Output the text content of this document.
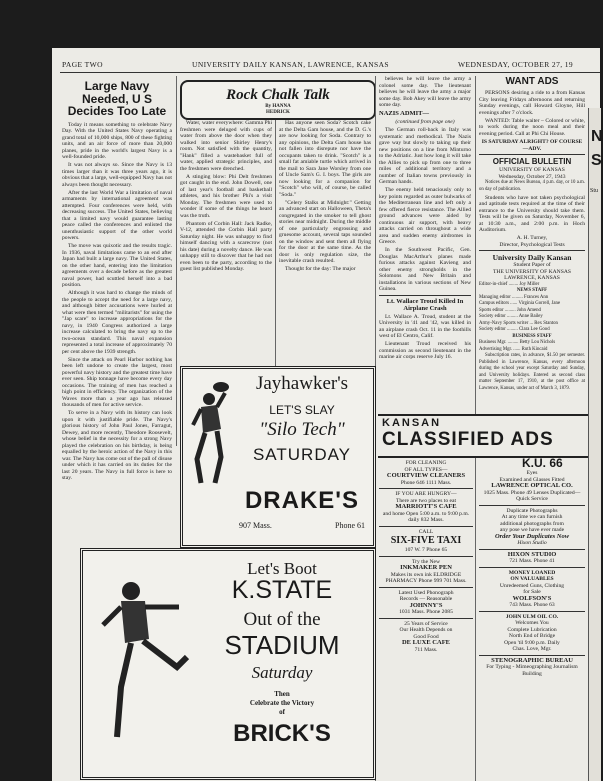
PAGE TWO	UNIVERSITY DAILY KANSAN, LAWRENCE, KANSAS	WEDNESDAY, OCTOBER 27, 19
Large Navy Needed, U S Decides Too Late

Today it means something to celebrate Navy Day. With the United States Navy operating a grand total of 10,000 ships, 800 of these fighting units, and an air force of more than 20,000 planes, pride in the world's largest Navy is a well-founded pride.

It was not always so. Since the Navy is 13 times larger than it was three years ago, it is obvious that a large, well-equipped Navy has not always been thought necessary.

After the last World War a limitation of naval armaments by international agreement was attempted. Four conferences were held, with decreasing success. The United States, believing that a limited navy would guarantee lasting peace called the conferences and enlisted the unenthusiastic support of the other world powers.

The move was quixotic and the results tragic. In 1936, naval limitations came to an end after Japan had built a large navy. The United States, on the other hand, entering into the limitation agreements over a decade before as the greatest naval power, had scuttled herself into a bad position.

Although it was hard to change the minds of the people to accept the need for a large navy, and although bitter accusations were hurled at what were then termed "militarists" for using the "Jap scare" to increase appropriations for the navy, in 1940 Congress authorized a large increase calculated to bring the navy up to the two-ocean standard. This naval expansion represented a total increase of approximately 70 per cent above the 1939 strength.

Since the attack on Pearl Harbor nothing has been left undone to create the largest, most powerful navy history and the greatest time have ever seen. Ship tonnage have become every day occasions. The training of men has reached a high point in efficiency. The organization of the Waves more than a year ago has released thousands of men for active service.

To serve in a Navy with its history can look upon it with justifiable pride. The Navy's glorious history of John Paul Jones, Farragut, Dewey, and more recently, Theodore Roosevelt, whose belief in the necessity for a strong Navy played the celebration on his birthday, is being equalled by the heroic action of the Navy in this war. The Navy has come out of the pall of disuse under which it has carried on its duties for the last 20 years. The Navy in full force is here to stay.

Rock Chalk Talk
By HANNA HEDRICK

Water, water everywhere: Gamma Phi freshmen were deluged with cups of water from above the door when they walked into senior Shirley Henry's room. Not satisfied with the quantity, "Hank" filled a wastebasket full of water, applied strategic principles, and the freshmen were drenched.

A stinging blow: Phi Delt freshmen got caught in the end. John Dowell, one of last year's football and basketball athletes, and his brother Phi's a visit Monday. The freshmen were used to wonder if some of the things he heard was the truth.

Phantom of Corbin Hall: Jack Radke, V-12, attended the Corbin Hall party Saturday night. He was unhappy to find himself dancing with a scarecrow (not his date) during a novelty dance. He was unhappy still to discover that he had not even been to the party, according to the guest list published Monday.

Has anyone seen Soda? Scotch cake at the Delta Gam house, and the D. G.'s are now looking for Soda. Contrary to any opinions, the Delta Gam house has not fallen into disrepute nor have the occupants taken to drink. "Scotch" is a small fat amiable turtle which arrived in the mail to Sara Jane Worsley from one of Uncle Sam's G. I. boys. The girls are now looking for a companion for "Scotch" who will, of course, be called "Soda."

"Celery Stalks at Midnight:" Getting an advanced start on Halloween, Theta's congregated in the smoker to tell ghost stories near midnight. During the middle of one particularly engrossing and gruesome account, several taps sounded on the window and sent them all flying for the door at the same time. As the door is only regulation size, the inevitable crash resulted.

Thought for the day: The major

believes he will leave the army a colonel some day. The lieutenant believes he will leave the army a major some day. Bob Akey will leave the army some day.

NAZIS ADMIT—

(continued from page one)

The German roll-back in Italy was systematic and methodical. The Nazis gave way but slowly to taking up their new positions on a line from Minturno to the Adriatic. Just how long it will take the Allies to pick up from one to three miles of additional territory and a number of Italian towns previously in German hands.

The enemy held tenaciously only to key points regarded as outer bulwarks of the Mediterranean line and left only a few offered fierce resistance. The Allied ground advances were aided by continuous air support, with heavy attacks carried on throughout a wide area and sudden enemy airdromes in Greece.

In the Southwest Pacific, Gen. Douglas MacArthur's planes made furious attacks against Kavieng and other enemy strongholds in the Solomons and New Britain and installations in various sections of New Guinea.

Lt. Wallace Troud Killed In Airplane Crash

Lt. Wallace A. Troud, student at the University in '41 and '42, was killed in an airplane crash Oct. 11 in the foothills west of El Centro, Calif.

Lieutenant Troud received his commission as second lieutenant in the marine air corps reserve July 16.

Jayhawker's
LET'S SLAY
"Silo Tech"
SATURDAY
DRAKE'S
907 Mass.	Phone 61
Let's Boot
K.STATE
Out of the
STADIUM
Saturday
Then
Celebrate the Victory
of
BRICK'S
WANT ADS

PERSONS desiring a ride to a from Kansas City leaving Fridays afternoons and returning Sunday evenings, call Howard Gloyne, Hill evenings after 7 o'clock.

WANTED: Table waiter – Colored or white, to work during the noon meal and their evening period. Call at Phi Chi House.

IS SATURDAY ALRIGHT? OF COURSE—ADV.
OFFICIAL BULLETIN
UNIVERSITY OF KANSAS
Wednesday, October 27, 1943

Notices due at News Bureau, 4 p.m. day, or 10 a.m. on day of publication.

Students who have not taken psychological and aptitude tests required at the time of their entrance to the University should take them. Tests will be given on Saturday, November 6, at 10:30 a.m., and 2:00 p.m. in Hoch Auditorium.

A. H. Turney,
Director, Psychological Tests
University Daily Kansan
Student Paper of
THE UNIVERSITY OF KANSAS
LAWRENCE, KANSAS
Editor-in-chief ........ Joy Miller
NEWS STAFF
Managing editor ......... Frances Ann
Campus editors ...... Virginia Gorrell, Jane
Sports editor ......... John Amend
Society editor ......... Anne Bailey
Army-Navy Sports writer ... Rex Stanton
Society editor ......... Clara Lee Good
BUSINESS STAFF
Business Mgr. ......... Betty Lou Nichols
Advertising Mgr. ...... Ruth Kincaid

Subscription rates, in advance, $1.50 per semester. Published in Lawrence, Kansas, every afternoon during the school year except Saturday and Sunday, and University holidays. Entered as second class matter September 17, 1910, at the post office at Lawrence, Kansas, under act of March 3, 1879.

KANSAN
CLASSIFIED ADS
K.U. 66
FOR CLEANING
OF ALL TYPES—
COURTVIEW CLEANERS
Phone 646 1111 Mass.
IF YOU ARE HUNGRY—
There are two places to eat
MARRIOTT'S CAFE
and home Open 5:00 a.m. to 9:00 p.m. daily 832 Mass.
CALL
SIX-FIVE TAXI
107 W. 7 Phone 65
Try the New
INKMAKER PEN
Makes its own ink ELDRIDGE PHARMACY Phone 999 701 Mass.
Latest Used Phonograph
Records — Reasonable
JOHNNY'S
1031 Mass. Phone 2085
25 Years of Service
Our Health Depends on
Good Food
DE LUXE CAFE
711 Mass.
Eyes
Examined and Glasses Fitted
LAWRENCE OPTICAL CO.
1025 Mass. Phone 49 Lenses Duplicated—Quick Service
Duplicate Photographs
At any time we can furnish
additional photographs from
any pose we have ever made
Order Your Duplicates Now
Hixon Studio
HIXON STUDIO
721 Mass. Phone 41
MONEY LOANED
ON VALUABLES
Unredeemed Guns, Clothing
for Sale
WOLFSON'S
743 Mass. Phone 63
JOHN ULM OIL CO.
Welcomes You
Complete Lubrication
North End of Bridge
Open 'til 9:00 p.m. Daily
Chas. Love, Mgr.
STENOGRAPHIC BUREAU
For Typing - Mimeographing Journalism Building
N
S
Stu
